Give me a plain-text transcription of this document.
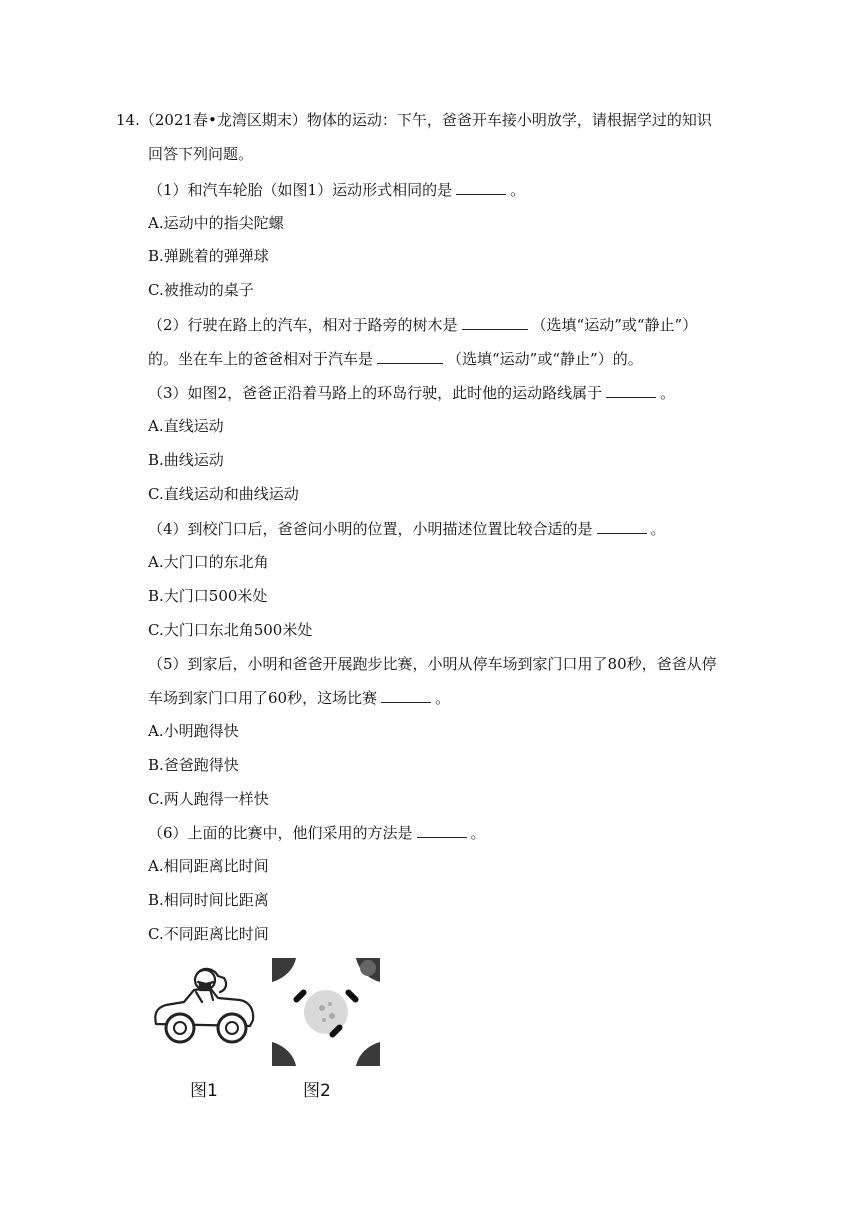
14.（2021春•龙湾区期末）物体的运动：下午，爸爸开车接小明放学，请根据学过的知识
回答下列问题。
（1）和汽车轮胎（如图1）运动形式相同的是	。
A.运动中的指尖陀螺
B.弹跳着的弹弹球
C.被推动的桌子
（2）行驶在路上的汽车，相对于路旁的树木是	（选填“运动”或“静止”）
的。坐在车上的爸爸相对于汽车是	（选填“运动”或“静止”）的。
（3）如图2，爸爸正沿着马路上的环岛行驶，此时他的运动路线属于	。
A.直线运动
B.曲线运动
C.直线运动和曲线运动
（4）到校门口后，爸爸问小明的位置，小明描述位置比较合适的是	。
A.大门口的东北角
B.大门口500米处
C.大门口东北角500米处
（5）到家后，小明和爸爸开展跑步比赛，小明从停车场到家门口用了80秒，爸爸从停
车场到家门口用了60秒，这场比赛	。
A.小明跑得快
B.爸爸跑得快
C.两人跑得一样快
（6）上面的比赛中，他们采用的方法是	。
A.相同距离比时间
B.相同时间比距离
C.不同距离比时间
图1	图2
